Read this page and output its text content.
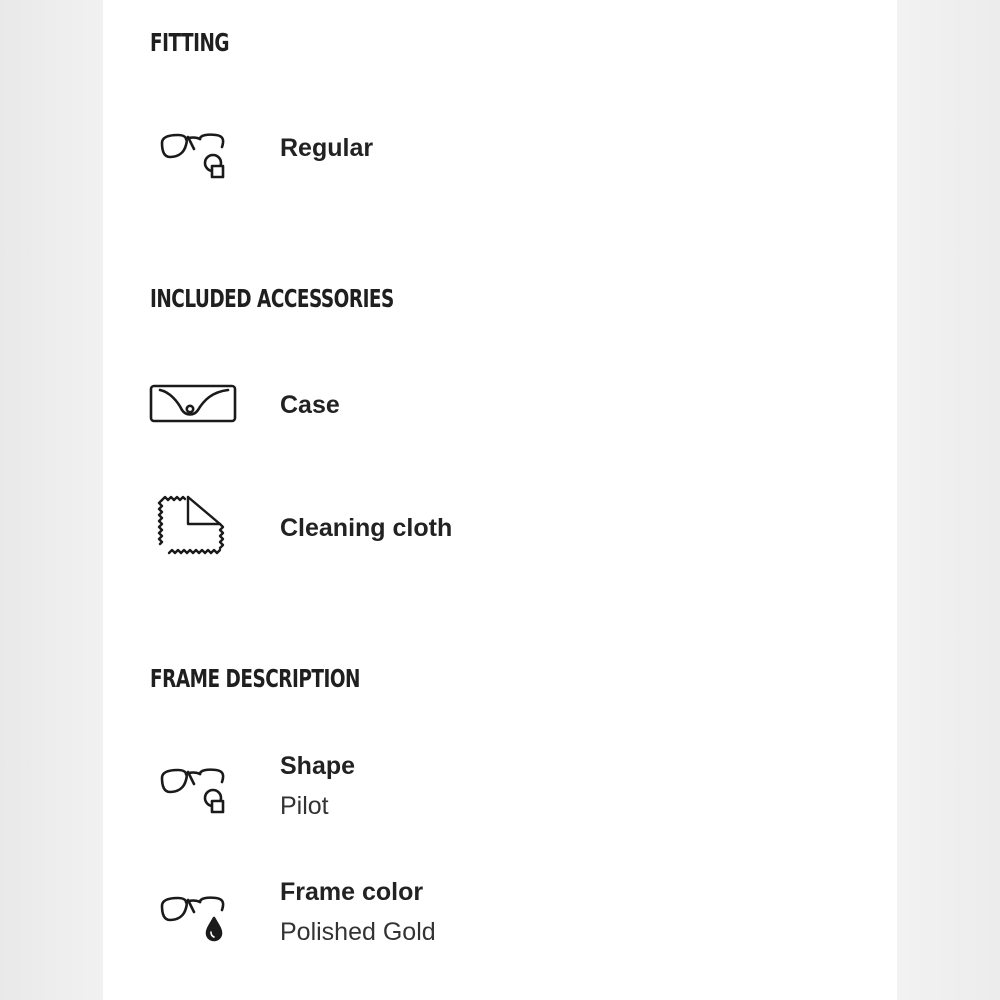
FITTING
Regular
INCLUDED ACCESSORIES
Case
Cleaning cloth
FRAME DESCRIPTION
Shape
Pilot
Frame color
Polished Gold
